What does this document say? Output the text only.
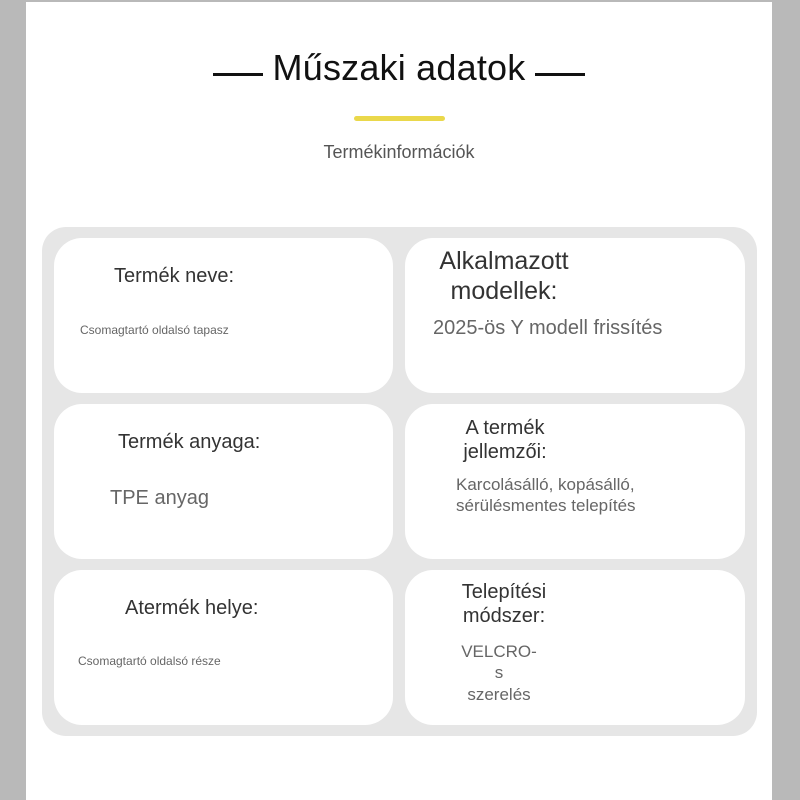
Műszaki adatok
Termékinformációk
Termék neve:
Csomagtartó oldalsó tapasz
Alkalmazott
modellek:
2025-ös Y modell frissítés
Termék anyaga:
TPE anyag
A termék
jellemzői:
Karcolásálló, kopásálló,
sérülésmentes telepítés
Atermék helye:
Csomagtartó oldalsó része
Telepítési
módszer:
VELCRO-s
szerelés
